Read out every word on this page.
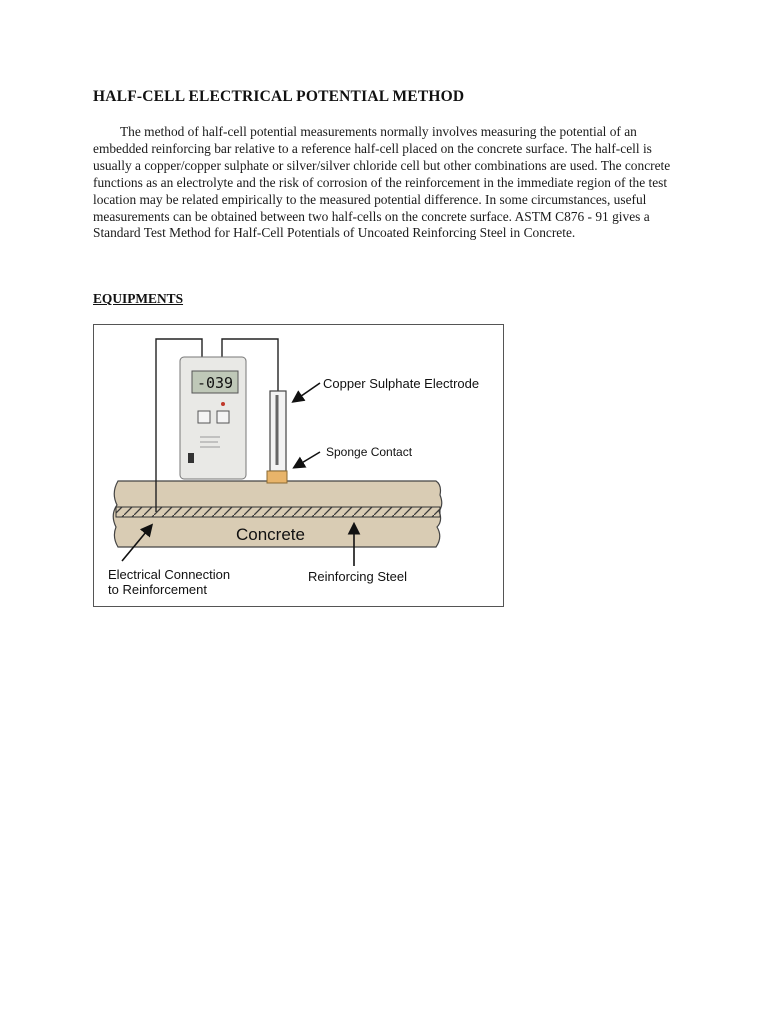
HALF-CELL ELECTRICAL POTENTIAL METHOD

The method of half-cell potential measurements normally involves measuring the potential of an embedded reinforcing bar relative to a reference half-cell placed on the concrete surface. The half-cell is usually a copper/copper sulphate or silver/silver chloride cell but other combinations are used. The concrete functions as an electrolyte and the risk of corrosion of the reinforcement in the immediate region of the test location may be related empirically to the measured potential difference. In some circumstances, useful measurements can be obtained between two half-cells on the concrete surface. ASTM C876 - 91 gives a Standard Test Method for Half-Cell Potentials of Uncoated Reinforcing Steel in Concrete.

EQUIPMENTS
Concrete
-039	Copper Sulphate Electrode
Sponge Contact
Electrical Connection
to Reinforcement
Reinforcing Steel
